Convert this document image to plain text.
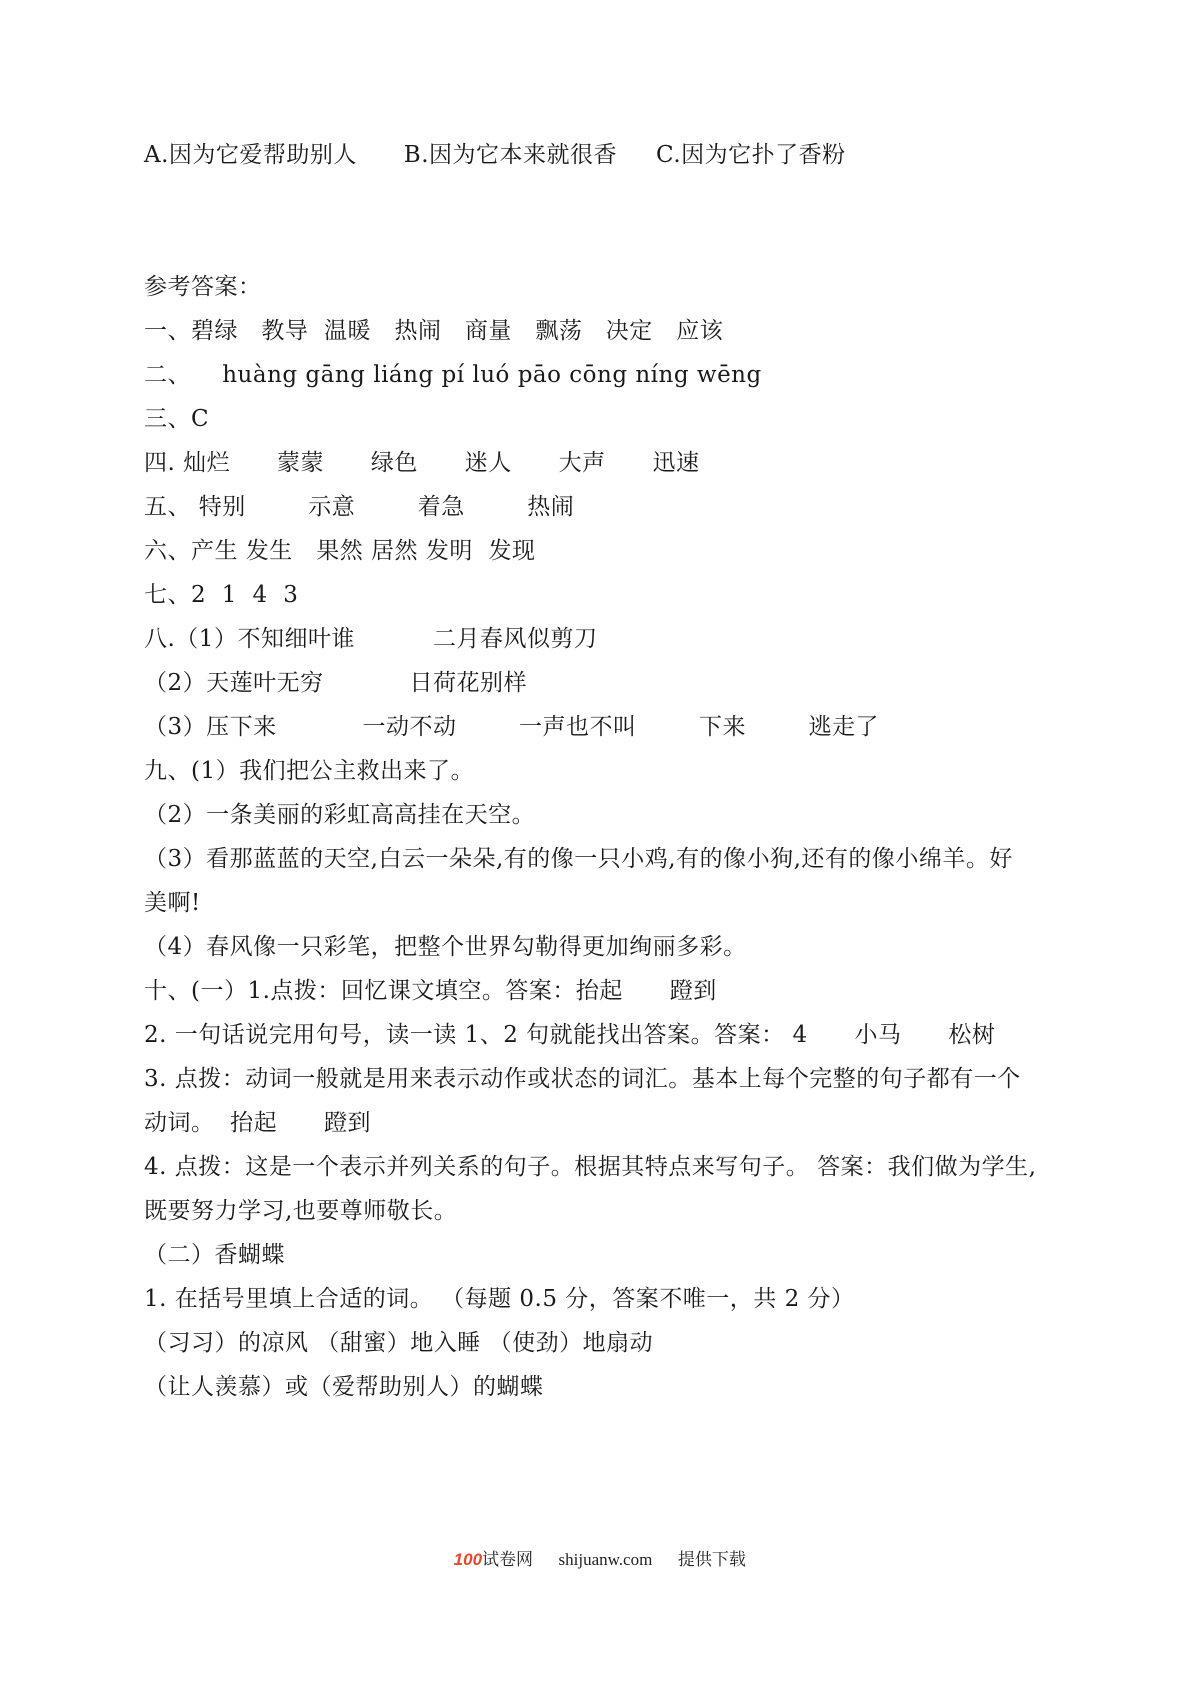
A.因为它爱帮助别人      B.因为它本来就很香     C.因为它扑了香粉
参考答案：
一、碧绿   教导  温暖   热闹   商量   飘荡   决定   应该
二、    huàng gāng liáng pí luó pāo cōng níng wēng
三、C
四. 灿烂      蒙蒙      绿色      迷人      大声      迅速
五、 特别        示意        着急        热闹
六、产生 发生   果然 居然 发明  发现
七、2  1  4  3
八.（1）不知细叶谁          二月春风似剪刀
（2）天莲叶无穷           日荷花别样
（3）压下来           一动不动        一声也不叫        下来        逃走了
九、(1）我们把公主救出来了。
（2）一条美丽的彩虹高高挂在天空。
（3）看那蓝蓝的天空,白云一朵朵,有的像一只小鸡,有的像小狗,还有的像小绵羊。好
美啊!
（4）春风像一只彩笔，把整个世界勾勒得更加绚丽多彩。
十、(一）1.点拨：回忆课文填空。答案：抬起      蹬到
2. 一句话说完用句号，读一读 1、2 句就能找出答案。答案： 4      小马      松树
3. 点拨：动词一般就是用来表示动作或状态的词汇。基本上每个完整的句子都有一个
动词。  抬起      蹬到
4. 点拨：这是一个表示并列关系的句子。根据其特点来写句子。 答案：我们做为学生,
既要努力学习,也要尊师敬长。
（二）香蝴蝶
1. 在括号里填上合适的词。 （每题 0.5 分，答案不唯一，共 2 分）
（习习）的凉风 （甜蜜）地入睡 （使劲）地扇动
（让人羡慕）或（爱帮助别人）的蝴蝶

100试卷网 shijuanw.com 提供下载
